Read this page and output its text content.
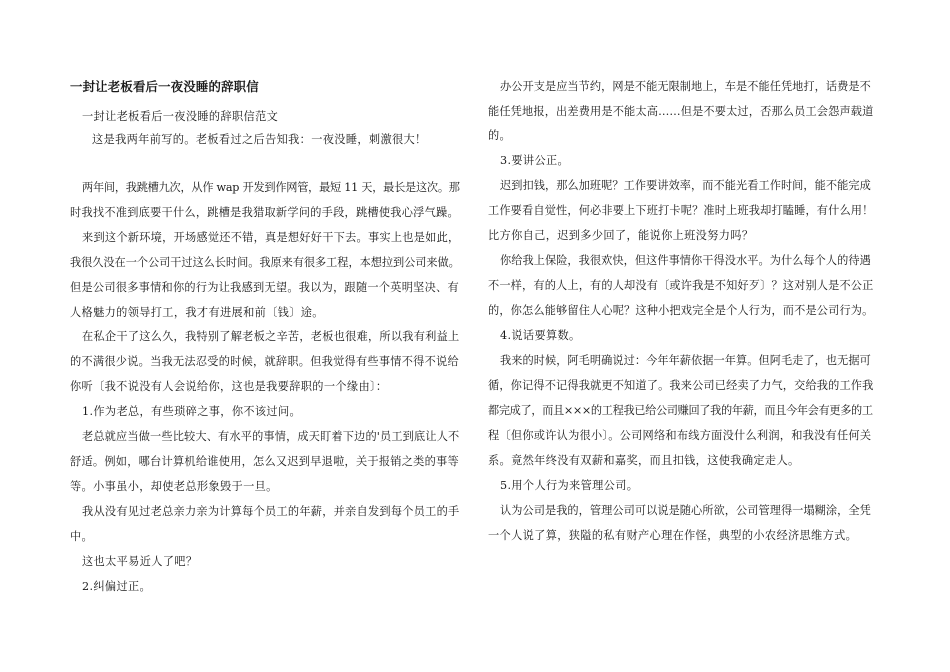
一封让老板看后一夜没睡的辞职信
一封让老板看后一夜没睡的辞职信范文
这是我两年前写的。老板看过之后告知我：一夜没睡，刺激很大！
两年间，我跳槽九次，从作 wap 开发到作网管，最短 11 天，最长是这次。那
时我找不准到底要干什么，跳槽是我猎取新学问的手段，跳槽使我心浮气躁。
来到这个新环境，开场感觉还不错，真是想好好干下去。事实上也是如此，
我很久没在一个公司干过这么长时间。我原来有很多工程，本想拉到公司来做。
但是公司很多事情和你的行为让我感到无望。我以为，跟随一个英明坚决、有
人格魅力的领导打工，我才有进展和前〔钱〕途。
在私企干了这么久，我特别了解老板之辛苦，老板也很难，所以我有利益上
的不满很少说。当我无法忍受的时候，就辞职。但我觉得有些事情不得不说给
你听〔我不说没有人会说给你，这也是我要辞职的一个缘由〕：
1.作为老总，有些琐碎之事，你不该过问。
老总就应当做一些比较大、有水平的事情，成天盯着下边的'员工到底让人不
舒适。例如，哪台计算机给谁使用，怎么又迟到早退啦，关于报销之类的事等
等。小事虽小，却使老总形象毁于一旦。
我从没有见过老总亲力亲为计算每个员工的年薪，并亲自发到每个员工的手
中。
这也太平易近人了吧？
2.纠偏过正。
办公开支是应当节约，网是不能无限制地上，车是不能任凭地打，话费是不
能任凭地报，出差费用是不能太高……但是不要太过，否那么员工会怨声载道
的。
3.要讲公正。
迟到扣钱，那么加班呢？工作要讲效率，而不能光看工作时间，能不能完成
工作要看自觉性，何必非要上下班打卡呢？准时上班我却打瞌睡，有什么用！
比方你自己，迟到多少回了，能说你上班没努力吗？
你给我上保险，我很欢快，但这件事情你干得没水平。为什么每个人的待遇
不一样，有的人上，有的人却没有〔或许我是不知好歹〕？这对别人是不公正
的，你怎么能够留住人心呢？这种小把戏完全是个人行为，而不是公司行为。
4.说话要算数。
我来的时候，阿毛明确说过：今年年薪依据一年算。但阿毛走了，也无据可
循，你记得不记得我就更不知道了。我来公司已经卖了力气，交给我的工作我
都完成了，而且×××的工程我已给公司赚回了我的年薪，而且今年会有更多的工
程〔但你或许认为很小〕。公司网络和布线方面没什么利润，和我没有任何关
系。竟然年终没有双薪和嘉奖，而且扣钱，这使我确定走人。
5.用个人行为来管理公司。
认为公司是我的，管理公司可以说是随心所欲，公司管理得一塌糊涂，全凭
一个人说了算，狭隘的私有财产心理在作怪，典型的小农经济思维方式。
